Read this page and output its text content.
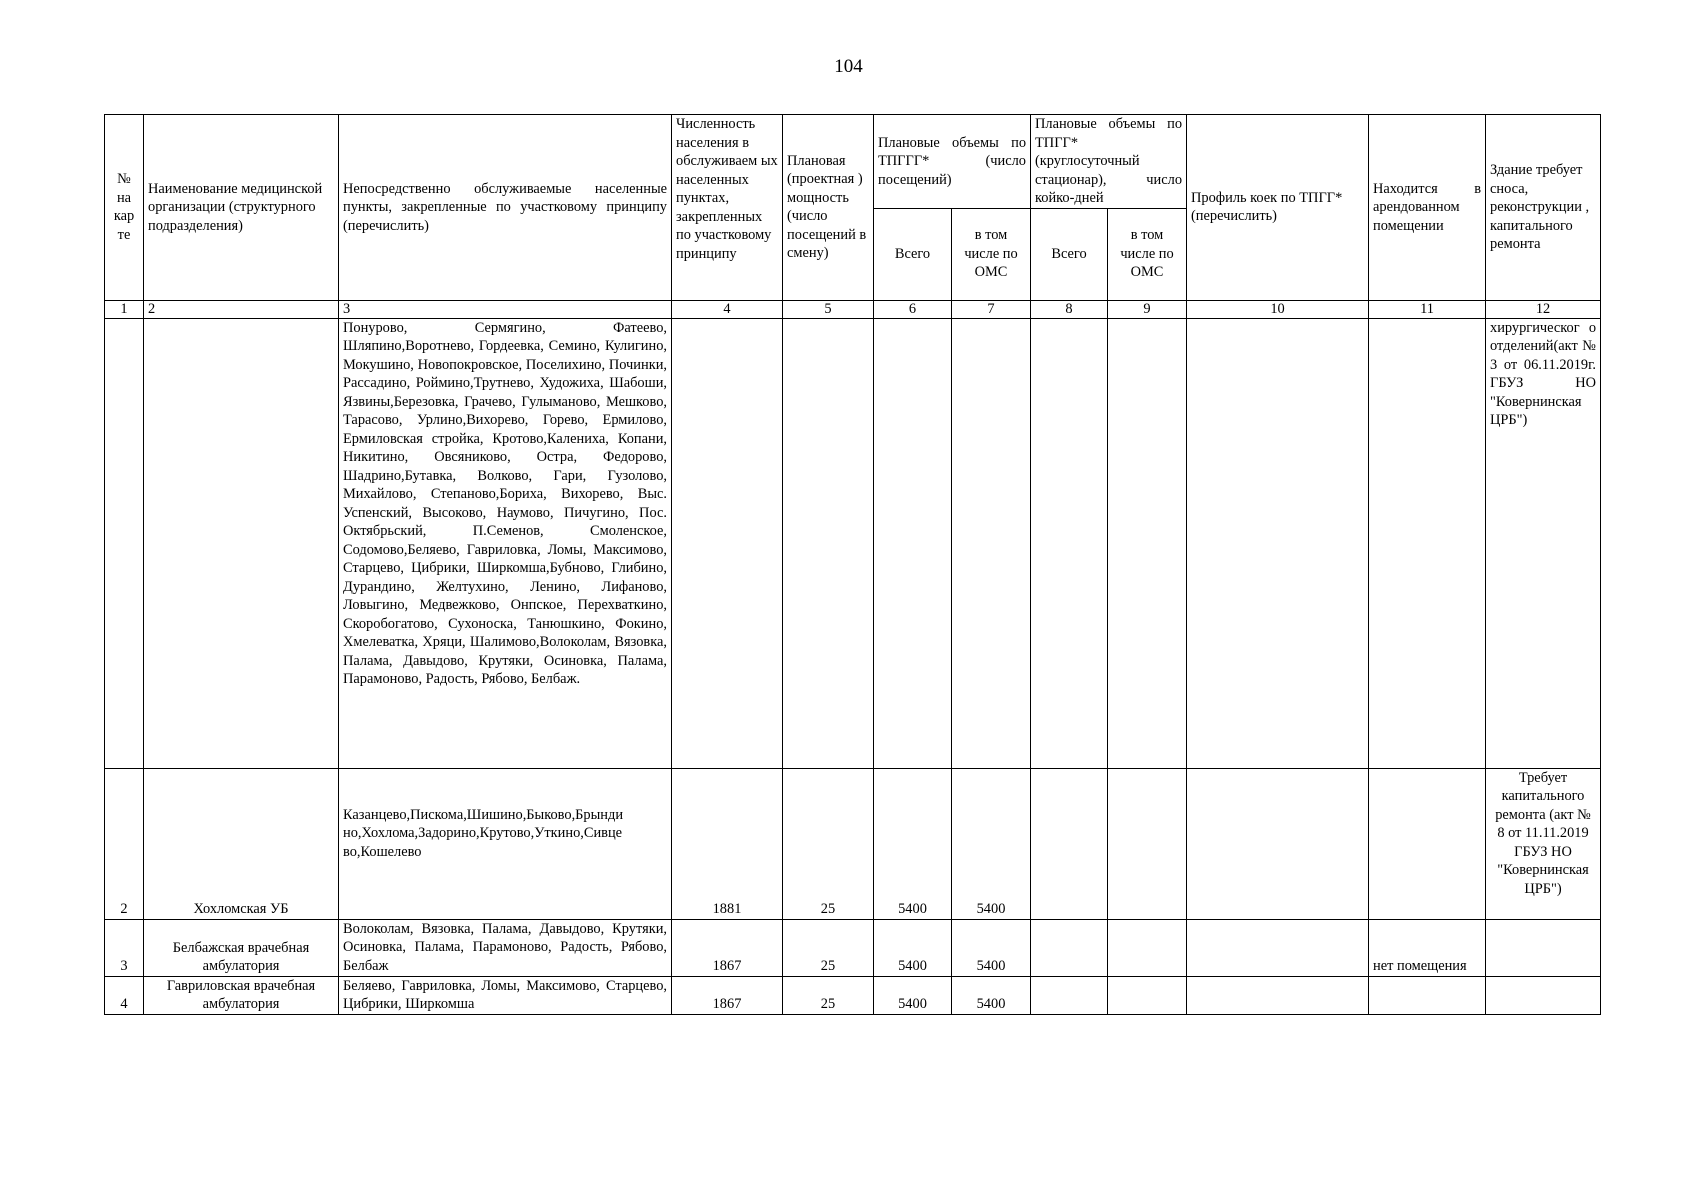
104
№ на кар те	Наименование медицинской организации (структурного подразделения)	Непосредственно обслуживаемые населенные пункты, закрепленные по участковому принципу (перечислить)	Численность населения в обслуживаем ых населенных пунктах, закрепленных по участковому принципу	Плановая (проектная ) мощность (число посещений в смену)	Плановые объемы по ТПГГГ* (число посещений)		Плановые объемы по ТПГГ* (круглосуточный стационар), число койко-дней		Профиль коек по ТПГГ* (перечислить)	Находится в арендованном помещении	Здание требует сноса, реконструкции , капитального ремонта
					Всего	в том числе по ОМС	Всего	в том числе по ОМС			
1	2	3	4	5	6	7	8	9	10	11	12
		Понурово, Сермягино, Фатеево, Шляпино,Воротнево, Гордеевка, Семино, Кулигино, Мокушино, Новопокровское, Поселихино, Починки, Рассадино, Роймино,Трутнево, Художиха, Шабоши, Язвины,Березовка, Грачево, Гулыманово, Мешково, Тарасово, Урлино,Вихорево, Горево, Ермилово, Ермиловская стройка, Кротово,Калениха, Копани, Никитино, Овсяниково, Остра, Федорово, Шадрино,Бутавка, Волково, Гари, Гузолово, Михайлово, Степаново,Бориха, Вихорево, Выс. Успенский, Высоково, Наумово, Пичугино, Пос. Октябрьский, П.Семенов, Смоленское, Содомово,Беляево, Гавриловка, Ломы, Максимово, Старцево, Цибрики, Ширкомша,Бубново, Глибино, Дурандино, Желтухино, Ленино, Лифаново, Ловыгино, Медвежково, Онпское, Перехваткино, Скоробогатово, Сухоноска, Танюшкино, Фокино, Хмелеватка, Хряци, Шалимово,Волоколам, Вязовка, Палама, Давыдово, Крутяки, Осиновка, Палама, Парамоново, Радость, Рябово, Белбаж.									хирургическог о отделений(акт № 3 от 06.11.2019г. ГБУЗ НО "Ковернинская ЦРБ")
2	Хохломская УБ	Казанцево,Пискома,Шишино,Быково,Брынди но,Хохлома,Задорино,Крутово,Уткино,Сивце во,Кошелево	1881	25	5400	5400					Требует капитального ремонта (акт № 8 от 11.11.2019 ГБУЗ НО "Ковернинская ЦРБ")
3	Белбажская врачебная амбулатория	Волоколам, Вязовка, Палама, Давыдово, Крутяки, Осиновка, Палама, Парамоново, Радость, Рябово, Белбаж	1867	25	5400	5400				нет помещения	
4	Гавриловская врачебная амбулатория	Беляево, Гавриловка, Ломы, Максимово, Старцево, Цибрики, Ширкомша	1867	25	5400	5400					
